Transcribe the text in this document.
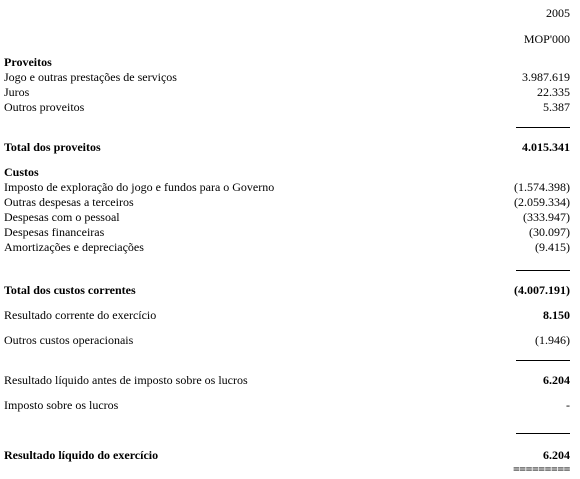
2005
MOP'000
Proveitos
Jogo e outras prestações de serviços	3.987.619
Juros	22.335
Outros proveitos	5.387
Total dos proveitos	4.015.341
Custos
Imposto de exploração do jogo e fundos para o Governo	(1.574.398)
Outras despesas a terceiros	(2.059.334)
Despesas com o pessoal	(333.947)
Despesas financeiras	(30.097)
Amortizações e depreciações	(9.415)
Total dos custos correntes	(4.007.191)
Resultado corrente do exercício	8.150
Outros custos operacionais	(1.946)
Resultado líquido antes de imposto sobre os lucros	6.204
Imposto sobre os lucros	-
Resultado líquido do exercício	6.204
=========
